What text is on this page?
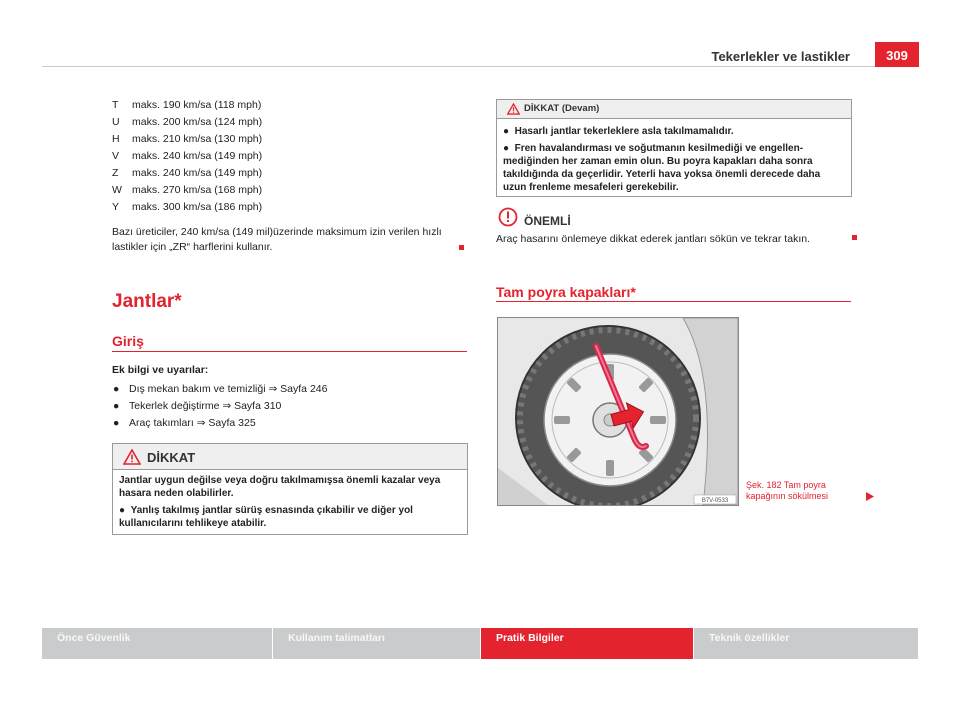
Tekerlekler ve lastikler	309
T maks. 190 km/sa (118 mph)
U maks. 200 km/sa (124 mph)
H maks. 210 km/sa (130 mph)
V maks. 240 km/sa (149 mph)
Z maks. 240 km/sa (149 mph)
W maks. 270 km/sa (168 mph)
Y maks. 300 km/sa (186 mph)
Bazı üreticiler, 240 km/sa (149 mil)üzerinde maksimum izin verilen hızlı lastikler için „ZR“ harflerini kullanır.
Jantlar*
Giriş
Ek bilgi ve uyarılar:
● Dış mekan bakım ve temizliği ⇒ Sayfa 246
● Tekerlek değiştirme ⇒ Sayfa 310
● Araç takımları ⇒ Sayfa 325
DİKKAT

Jantlar uygun değilse veya doğru takılmamışsa önemli kazalar veya hasara neden olabilirler.

●  Yanlış takılmış jantlar sürüş esnasında çıkabilir ve diğer yol kullanıcılarını tehlikeye atabilir.

DİKKAT (Devam)

●  Hasarlı jantlar tekerleklere asla takılmamalıdır.

●  Fren havalandırması ve soğutmanın kesilmediği ve engellenmediğinden her zaman emin olun. Bu poyra kapakları daha sonra takıldığında da geçerlidir. Yeterli hava yoksa önemli derecede daha uzun frenleme mesafeleri gerekebilir.

ÖNEMLİ
Araç hasarını önlemeye dikkat ederek jantları sökün ve tekrar takın.
Tam poyra kapakları*
B7V-0533
Şek. 182 Tam poyra kapağının sökülmesi
Önce Güvenlik	Kullanım talimatları	Pratik Bilgiler	Teknik özellikler
